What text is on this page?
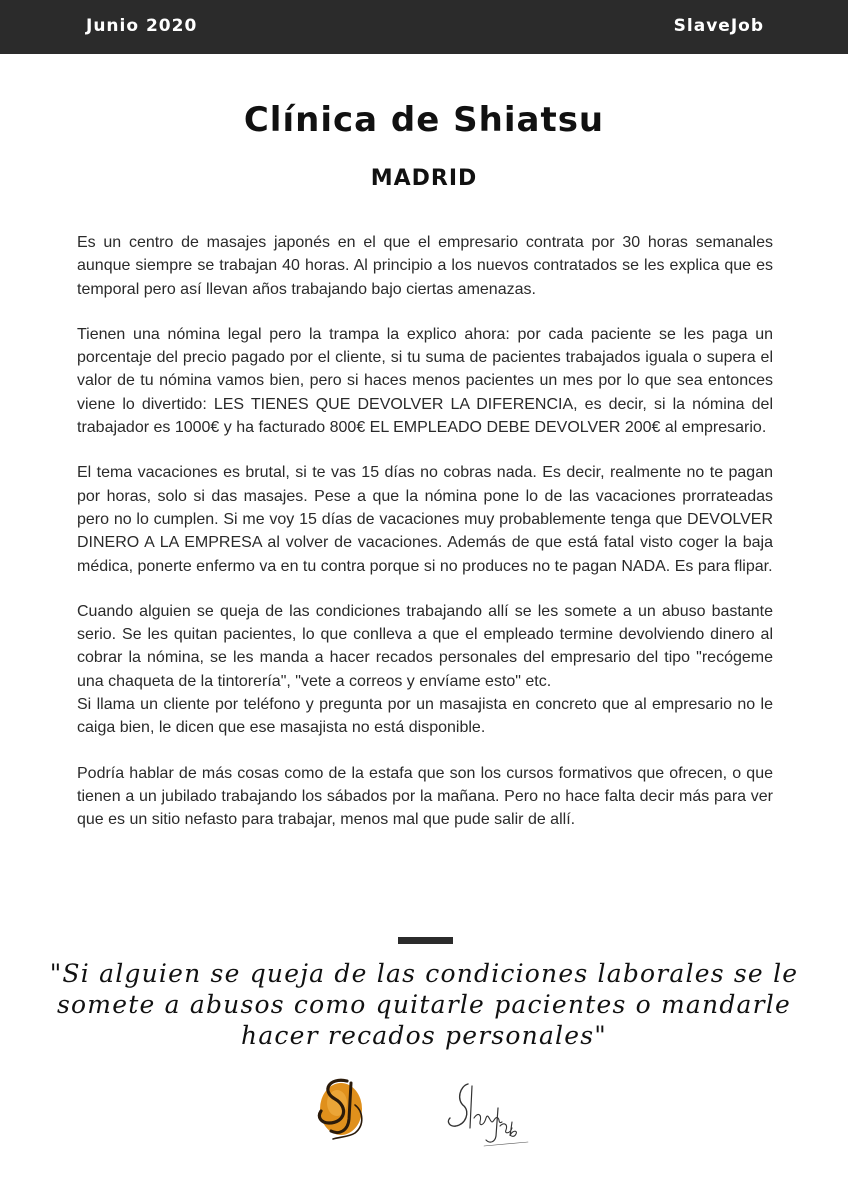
Junio 2020	SlaveJob
Clínica de Shiatsu
MADRID

Es un centro de masajes japonés en el que el empresario contrata por 30 horas semanales aunque siempre se trabajan 40 horas. Al principio a los nuevos contratados se les explica que es temporal pero así llevan años trabajando bajo ciertas amenazas.

Tienen una nómina legal pero la trampa la explico ahora: por cada paciente se les paga un porcentaje del precio pagado por el cliente, si tu suma de pacientes trabajados iguala o supera el valor de tu nómina vamos bien, pero si haces menos pacientes un mes por lo que sea entonces viene lo divertido: LES TIENES QUE DEVOLVER LA DIFERENCIA, es decir, si la nómina del trabajador es 1000€ y ha facturado 800€ EL EMPLEADO DEBE DEVOLVER 200€ al empresario.

El tema vacaciones es brutal, si te vas 15 días no cobras nada. Es decir, realmente no te pagan por horas, solo si das masajes. Pese a que la nómina pone lo de las vacaciones prorrateadas pero no lo cumplen. Si me voy 15 días de vacaciones muy probablemente tenga que DEVOLVER DINERO A LA EMPRESA al volver de vacaciones. Además de que está fatal visto coger la baja médica, ponerte enfermo va en tu contra porque si no produces no te pagan NADA. Es para flipar.

Cuando alguien se queja de las condiciones trabajando allí se les somete a un abuso bastante serio. Se les quitan pacientes, lo que conlleva a que el empleado termine devolviendo dinero al cobrar la nómina, se les manda a hacer recados personales del empresario del tipo "recógeme una chaqueta de la tintorería", "vete a correos y envíame esto" etc.

Si llama un cliente por teléfono y pregunta por un masajista en concreto que al empresario no le caiga bien, le dicen que ese masajista no está disponible.

Podría hablar de más cosas como de la estafa que son los cursos formativos que ofrecen, o que tienen a un jubilado trabajando los sábados por la mañana. Pero no hace falta decir más para ver que es un sitio nefasto para trabajar, menos mal que pude salir de allí.

"Si alguien se queja de las condiciones laborales se le somete a abusos como quitarle pacientes o mandarle hacer recados personales"
